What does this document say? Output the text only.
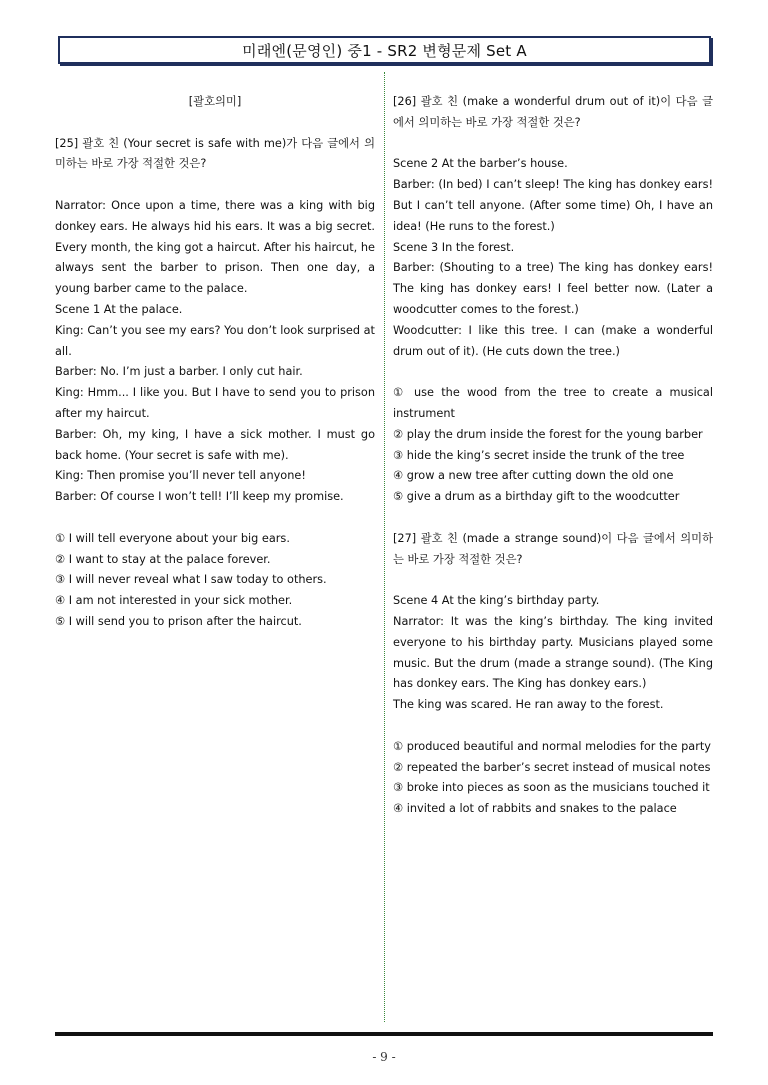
미래엔(문영인) 중1 - SR2 변형문제 Set A

[괄호의미]

[25] 괄호 친 (Your secret is safe with me)가 다음 글에서 의미하는 바로 가장 적절한 것은?

Narrator: Once upon a time, there was a king with big donkey ears. He always hid his ears. It was a big secret. Every month, the king got a haircut. After his haircut, he always sent the barber to prison. Then one day, a young barber came to the palace.

Scene 1 At the palace.

King: Can’t you see my ears? You don’t look surprised at all.

Barber: No. I’m just a barber. I only cut hair.

King: Hmm... I like you. But I have to send you to prison after my haircut.

Barber: Oh, my king, I have a sick mother. I must go back home. (Your secret is safe with me).

King: Then promise you’ll never tell anyone!

Barber: Of course I won’t tell! I’ll keep my promise.

① I will tell everyone about your big ears.

② I want to stay at the palace forever.

③ I will never reveal what I saw today to others.

④ I am not interested in your sick mother.

⑤ I will send you to prison after the haircut.

[26] 괄호 친 (make a wonderful drum out of it)이 다음 글에서 의미하는 바로 가장 적절한 것은?

Scene 2 At the barber’s house.

Barber: (In bed) I can’t sleep! The king has donkey ears! But I can’t tell anyone. (After some time) Oh, I have an idea! (He runs to the forest.)

Scene 3 In the forest.

Barber: (Shouting to a tree) The king has donkey ears! The king has donkey ears! I feel better now. (Later a woodcutter comes to the forest.)

Woodcutter: I like this tree. I can (make a wonderful drum out of it). (He cuts down the tree.)

① use the wood from the tree to create a musical instrument

② play the drum inside the forest for the young barber

③ hide the king’s secret inside the trunk of the tree

④ grow a new tree after cutting down the old one

⑤ give a drum as a birthday gift to the woodcutter

[27] 괄호 친 (made a strange sound)이 다음 글에서 의미하는 바로 가장 적절한 것은?

Scene 4 At the king’s birthday party.

Narrator: It was the king’s birthday. The king invited everyone to his birthday party. Musicians played some music. But the drum (made a strange sound). (The King has donkey ears. The King has donkey ears.)

The king was scared. He ran away to the forest.

① produced beautiful and normal melodies for the party

② repeated the barber’s secret instead of musical notes

③ broke into pieces as soon as the musicians touched it

④ invited a lot of rabbits and snakes to the palace

- 9 -
